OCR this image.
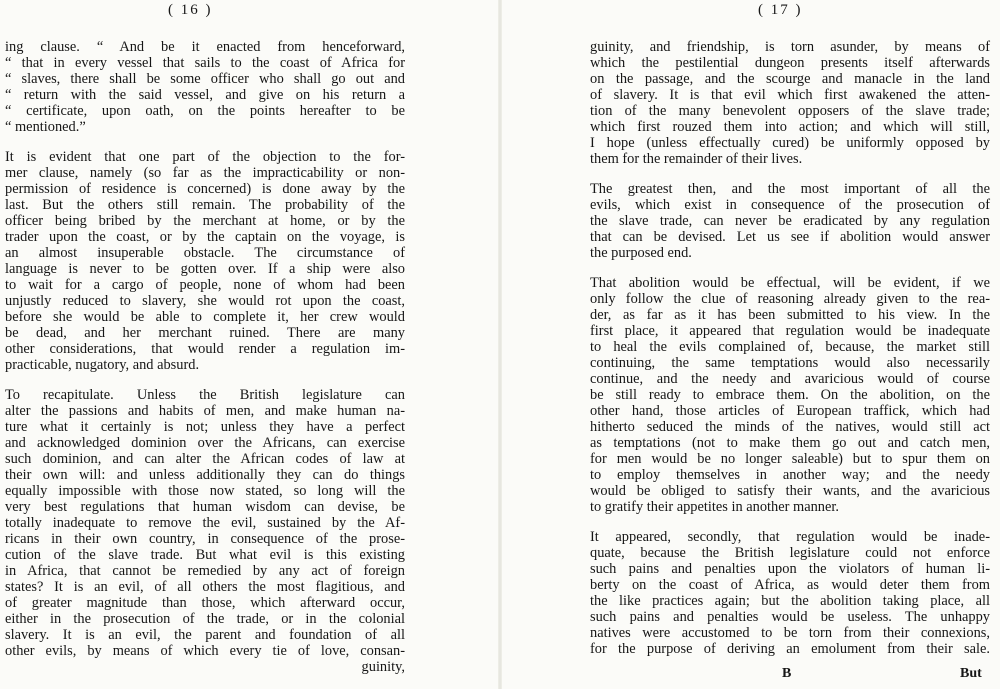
( 16 )
ing clause. “ And be it enacted from henceforward,
“ that in every vessel that sails to the coast of Africa for
“ slaves, there shall be some officer who shall go out and
“ return with the said vessel, and give on his return a
“ certificate, upon oath, on the points hereafter to be
“ mentioned.”
It is evident that one part of the objection to the for-
mer clause, namely (so far as the impracticability or non-
permission of residence is concerned) is done away by the
last. But the others still remain. The probability of the
officer being bribed by the merchant at home, or by the
trader upon the coast, or by the captain on the voyage, is
an almost insuperable obstacle. The circumstance of
language is never to be gotten over. If a ship were also
to wait for a cargo of people, none of whom had been
unjustly reduced to slavery, she would rot upon the coast,
before she would be able to complete it, her crew would
be dead, and her merchant ruined. There are many
other considerations, that would render a regulation im-
practicable, nugatory, and absurd.
To recapitulate. Unless the British legislature can
alter the passions and habits of men, and make human na-
ture what it certainly is not; unless they have a perfect
and acknowledged dominion over the Africans, can exercise
such dominion, and can alter the African codes of law at
their own will: and unless additionally they can do things
equally impossible with those now stated, so long will the
very best regulations that human wisdom can devise, be
totally inadequate to remove the evil, sustained by the Af-
ricans in their own country, in consequence of the prose-
cution of the slave trade. But what evil is this existing
in Africa, that cannot be remedied by any act of foreign
states? It is an evil, of all others the most flagitious, and
of greater magnitude than those, which afterward occur,
either in the prosecution of the trade, or in the colonial
slavery. It is an evil, the parent and foundation of all
other evils, by means of which every tie of love, consan-
guinity,
( 17 )
guinity, and friendship, is torn asunder, by means of
which the pestilential dungeon presents itself afterwards
on the passage, and the scourge and manacle in the land
of slavery. It is that evil which first awakened the atten-
tion of the many benevolent opposers of the slave trade;
which first rouzed them into action; and which will still,
I hope (unless effectually cured) be uniformly opposed by
them for the remainder of their lives.
The greatest then, and the most important of all the
evils, which exist in consequence of the prosecution of
the slave trade, can never be eradicated by any regulation
that can be devised. Let us see if abolition would answer
the purposed end.
That abolition would be effectual, will be evident, if we
only follow the clue of reasoning already given to the rea-
der, as far as it has been submitted to his view. In the
first place, it appeared that regulation would be inadequate
to heal the evils complained of, because, the market still
continuing, the same temptations would also necessarily
continue, and the needy and avaricious would of course
be still ready to embrace them. On the abolition, on the
other hand, those articles of European traffick, which had
hitherto seduced the minds of the natives, would still act
as temptations (not to make them go out and catch men,
for men would be no longer saleable) but to spur them on
to employ themselves in another way; and the needy
would be obliged to satisfy their wants, and the avaricious
to gratify their appetites in another manner.
It appeared, secondly, that regulation would be inade-
quate, because the British legislature could not enforce
such pains and penalties upon the violators of human li-
berty on the coast of Africa, as would deter them from
the like practices again; but the abolition taking place, all
such pains and penalties would be useless. The unhappy
natives were accustomed to be torn from their connexions,
for the purpose of deriving an emolument from their sale.
B	But
